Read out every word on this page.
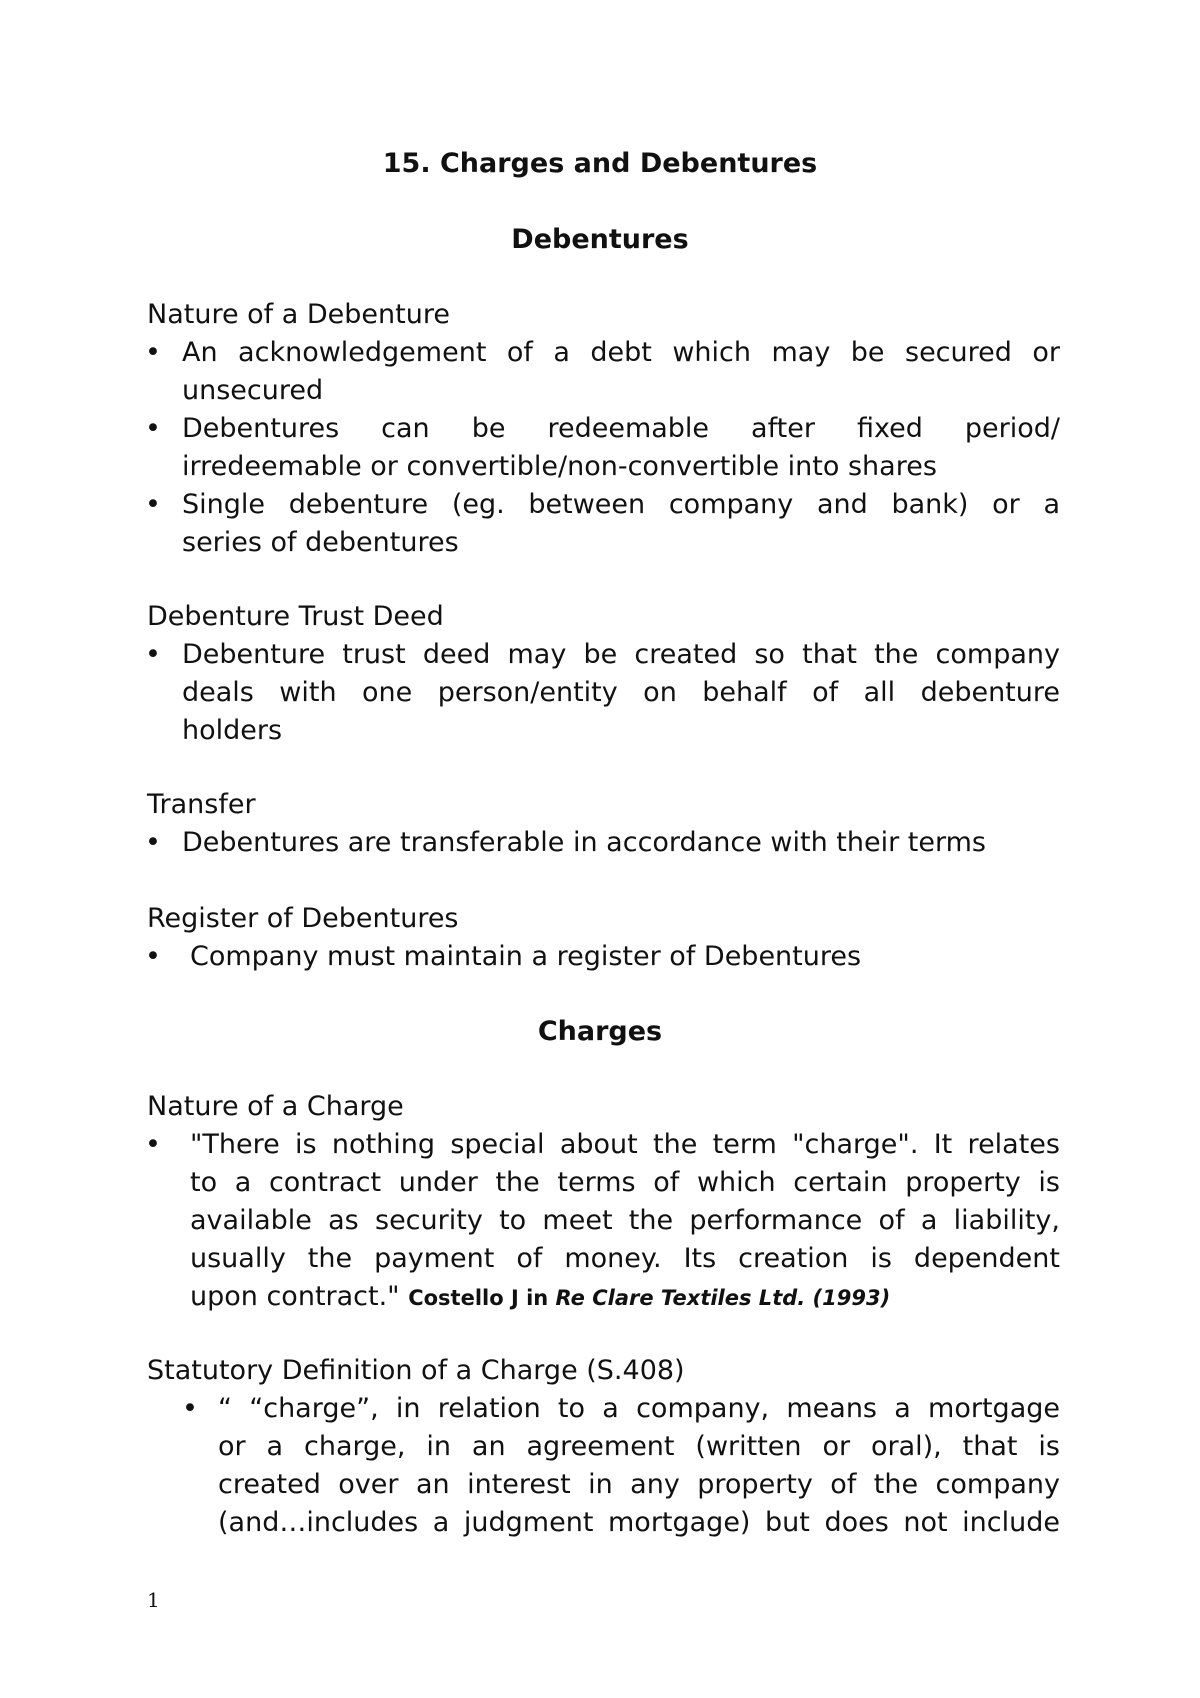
15. Charges and Debentures
Debentures
Nature of a Debenture
• An acknowledgement of a debt which may be secured or
unsecured
• Debentures can be redeemable after fixed period/
irredeemable or convertible/non-convertible into shares
• Single debenture (eg. between company and bank) or a
series of debentures
Debenture Trust Deed
• Debenture trust deed may be created so that the company
deals with one person/entity on behalf of all debenture
holders
Transfer
• Debentures are transferable in accordance with their terms
Register of Debentures
• Company must maintain a register of Debentures
Charges
Nature of a Charge
• "There is nothing special about the term "charge". It relates
to a contract under the terms of which certain property is
available as security to meet the performance of a liability,
usually the payment of money. Its creation is dependent
upon contract." Costello J in Re Clare Textiles Ltd. (1993)
Statutory Definition of a Charge (S.408)
• “ “charge”, in relation to a company, means a mortgage
or a charge, in an agreement (written or oral), that is
created over an interest in any property of the company
(and…includes a judgment mortgage) but does not include
1
